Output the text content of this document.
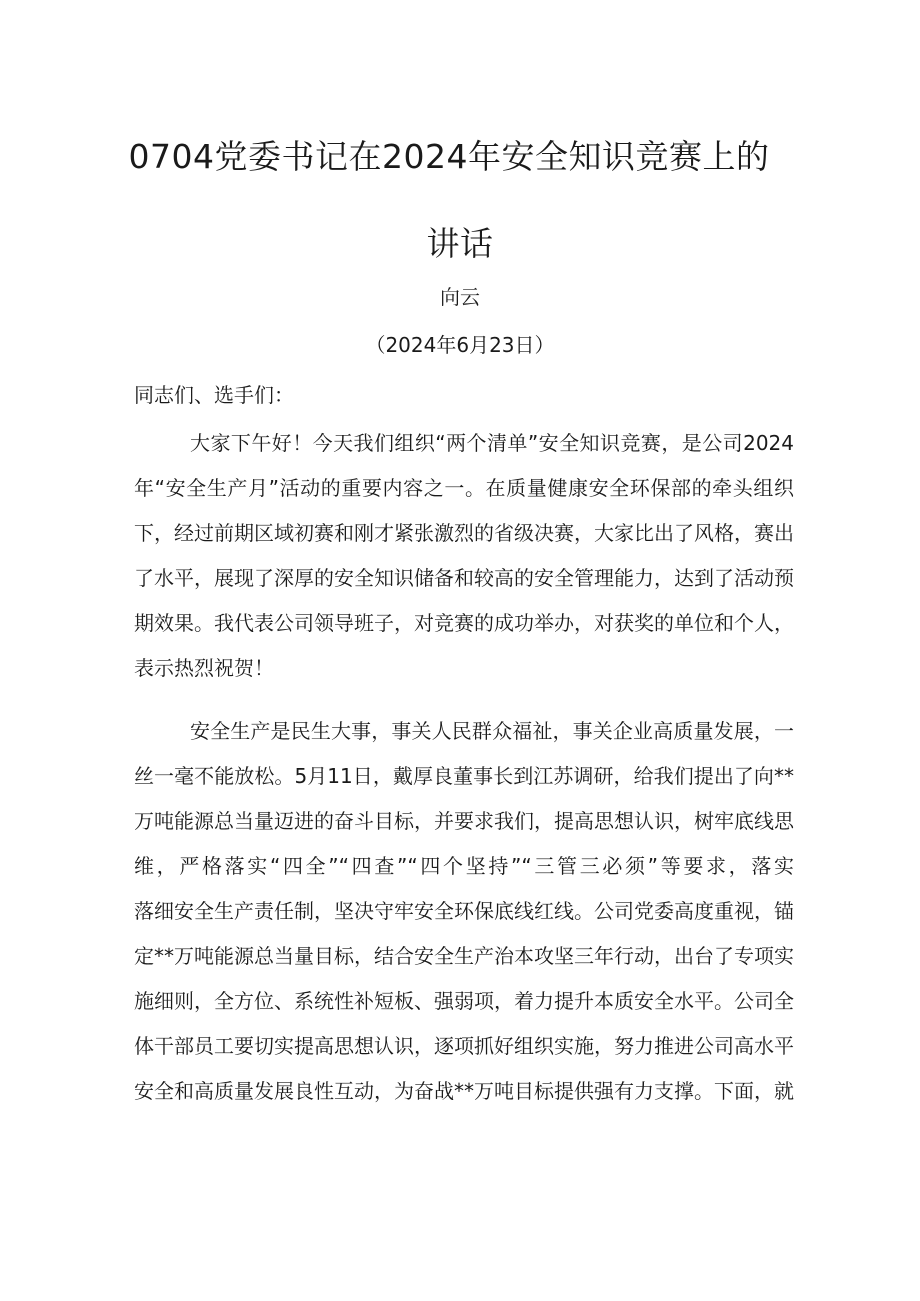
0704党委书记在2024年安全知识竞赛上的
讲话
向云
（2024年6月23日）
同志们、选手们：
大家下午好！今天我们组织“两个清单”安全知识竞赛，是公司2024
年“安全生产月”活动的重要内容之一。在质量健康安全环保部的牵头组织
下，经过前期区域初赛和刚才紧张激烈的省级决赛，大家比出了风格，赛出
了水平，展现了深厚的安全知识储备和较高的安全管理能力，达到了活动预
期效果。我代表公司领导班子，对竞赛的成功举办，对获奖的单位和个人，
表示热烈祝贺！
安全生产是民生大事，事关人民群众福祉，事关企业高质量发展，一
丝一毫不能放松。5月11日，戴厚良董事长到江苏调研，给我们提出了向**
万吨能源总当量迈进的奋斗目标，并要求我们，提高思想认识，树牢底线思
维，严格落实“四全”“四查”“四个坚持”“三管三必须”等要求，落实
落细安全生产责任制，坚决守牢安全环保底线红线。公司党委高度重视，锚
定**万吨能源总当量目标，结合安全生产治本攻坚三年行动，出台了专项实
施细则，全方位、系统性补短板、强弱项，着力提升本质安全水平。公司全
体干部员工要切实提高思想认识，逐项抓好组织实施，努力推进公司高水平
安全和高质量发展良性互动，为奋战**万吨目标提供强有力支撑。下面，就
